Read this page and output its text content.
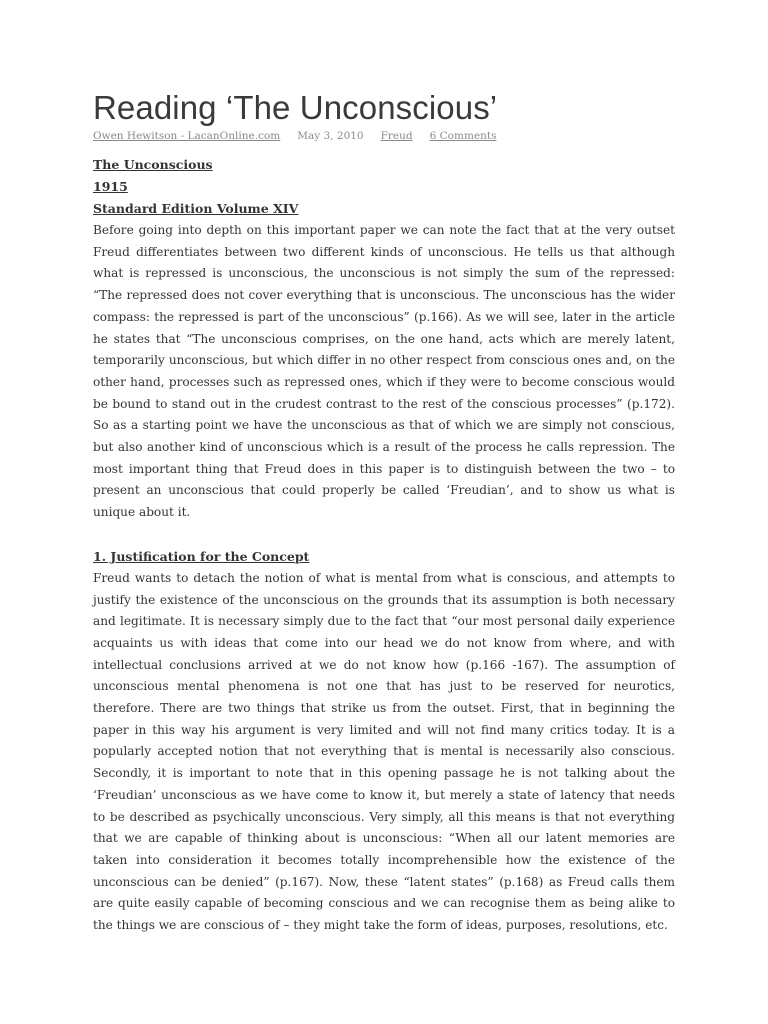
Reading ‘The Unconscious’
Owen Hewitson - LacanOnline.com May 3, 2010 Freud 6 Comments
The Unconscious
1915
Standard Edition Volume XIV

Before going into depth on this important paper we can note the fact that at the very outset Freud differentiates between two different kinds of unconscious. He tells us that although what is repressed is unconscious, the unconscious is not simply the sum of the repressed: “The repressed does not cover everything that is unconscious. The unconscious has the wider compass: the repressed is part of the unconscious” (p.166). As we will see, later in the article he states that “The unconscious comprises, on the one hand, acts which are merely latent, temporarily unconscious, but which differ in no other respect from conscious ones and, on the other hand, processes such as repressed ones, which if they were to become conscious would be bound to stand out in the crudest contrast to the rest of the conscious processes” (p.172). So as a starting point we have the unconscious as that of which we are simply not conscious, but also another kind of unconscious which is a result of the process he calls repression. The most important thing that Freud does in this paper is to distinguish between the two – to present an unconscious that could properly be called ‘Freudian’, and to show us what is unique about it.

1. Justification for the Concept

Freud wants to detach the notion of what is mental from what is conscious, and attempts to justify the existence of the unconscious on the grounds that its assumption is both necessary and legitimate. It is necessary simply due to the fact that “our most personal daily experience acquaints us with ideas that come into our head we do not know from where, and with intellectual conclusions arrived at we do not know how (p.166 -167). The assumption of unconscious mental phenomena is not one that has just to be reserved for neurotics, therefore. There are two things that strike us from the outset. First, that in beginning the paper in this way his argument is very limited and will not find many critics today. It is a popularly accepted notion that not everything that is mental is necessarily also conscious. Secondly, it is important to note that in this opening passage he is not talking about the ‘Freudian’ unconscious as we have come to know it, but merely a state of latency that needs to be described as psychically unconscious. Very simply, all this means is that not everything that we are capable of thinking about is unconscious: “When all our latent memories are taken into consideration it becomes totally incomprehensible how the existence of the unconscious can be denied” (p.167). Now, these “latent states” (p.168) as Freud calls them are quite easily capable of becoming conscious and we can recognise them as being alike to the things we are conscious of – they might take the form of ideas, purposes, resolutions, etc.
